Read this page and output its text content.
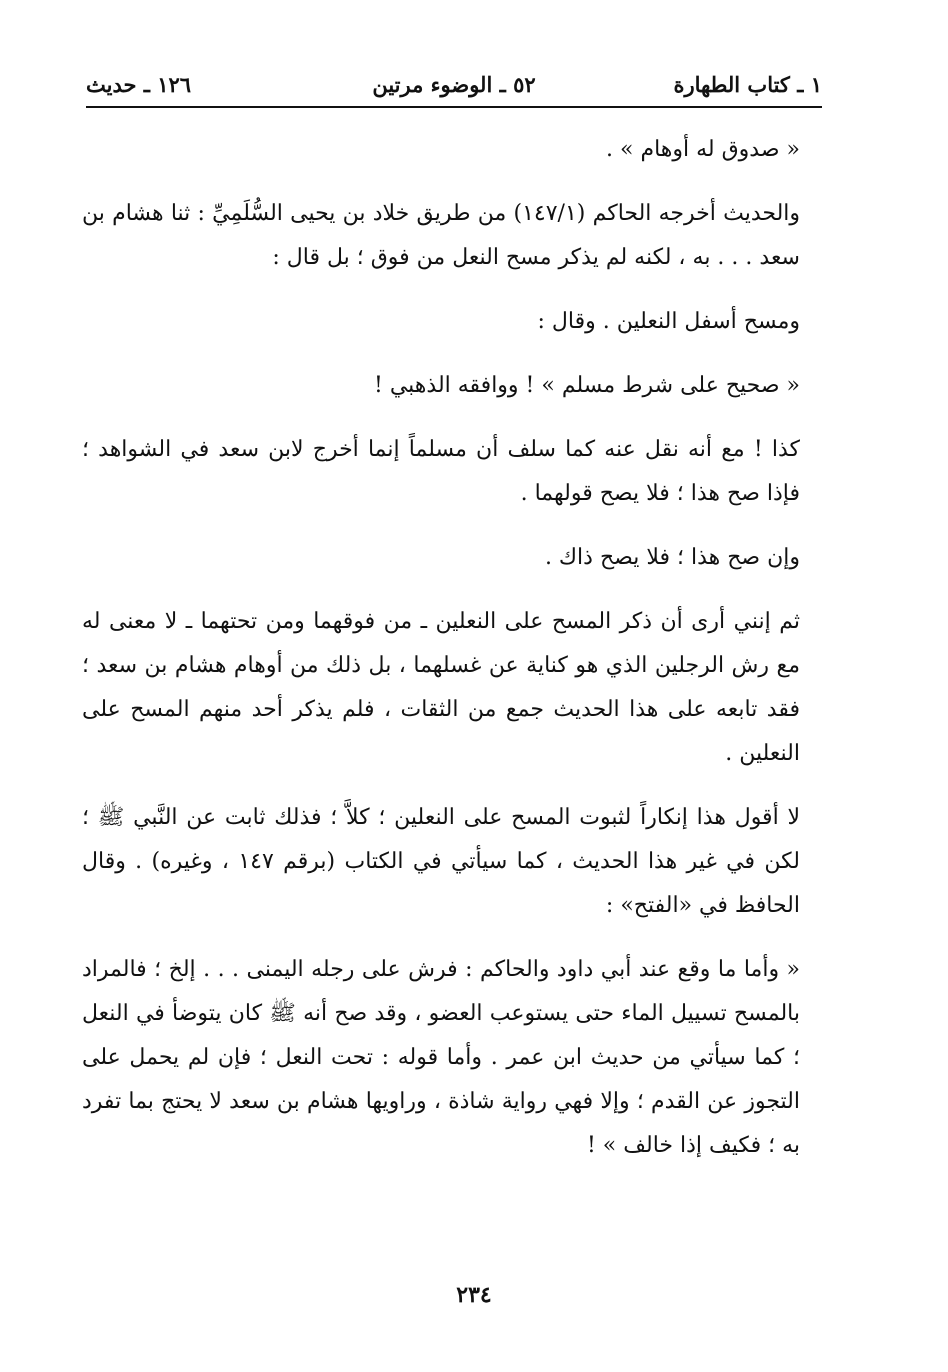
١ ـ كتاب الطهارة
٥٢ ـ الوضوء مرتين
١٢٦ ـ حديث

« صدوق له أوهام » .

والحديث أخرجه الحاكم (١٤٧/١) من طريق خلاد بن يحيى السُّلَمِيِّ : ثنا هشام بن سعد . . . به ، لكنه لم يذكر مسح النعل من فوق ؛ بل قال :

ومسح أسفل النعلين . وقال :

« صحيح على شرط مسلم » ! ووافقه الذهبي !

كذا ! مع أنه نقل عنه كما سلف أن مسلماً إنما أخرج لابن سعد في الشواهد ؛ فإذا صح هذا ؛ فلا يصح قولهما .

وإن صح هذا ؛ فلا يصح ذاك .

ثم إنني أرى أن ذكر المسح على النعلين ـ من فوقهما ومن تحتهما ـ لا معنى له مع رش الرجلين الذي هو كناية عن غسلهما ، بل ذلك من أوهام هشام بن سعد ؛ فقد تابعه على هذا الحديث جمع من الثقات ، فلم يذكر أحد منهم المسح على النعلين .

لا أقول هذا إنكاراً لثبوت المسح على النعلين ؛ كلاَّ ؛ فذلك ثابت عن النَّبي ﷺ ؛ لكن في غير هذا الحديث ، كما سيأتي في الكتاب (برقم ١٤٧ ، وغيره) . وقال الحافظ في «الفتح» :

« وأما ما وقع عند أبي داود والحاكم : فرش على رجله اليمنى . . . إلخ ؛ فالمراد بالمسح تسييل الماء حتى يستوعب العضو ، وقد صح أنه ﷺ كان يتوضأ في النعل ؛ كما سيأتي من حديث ابن عمر . وأما قوله : تحت النعل ؛ فإن لم يحمل على التجوز عن القدم ؛ وإلا فهي رواية شاذة ، وراويها هشام بن سعد لا يحتج بما تفرد به ؛ فكيف إذا خالف » !

٢٣٤
